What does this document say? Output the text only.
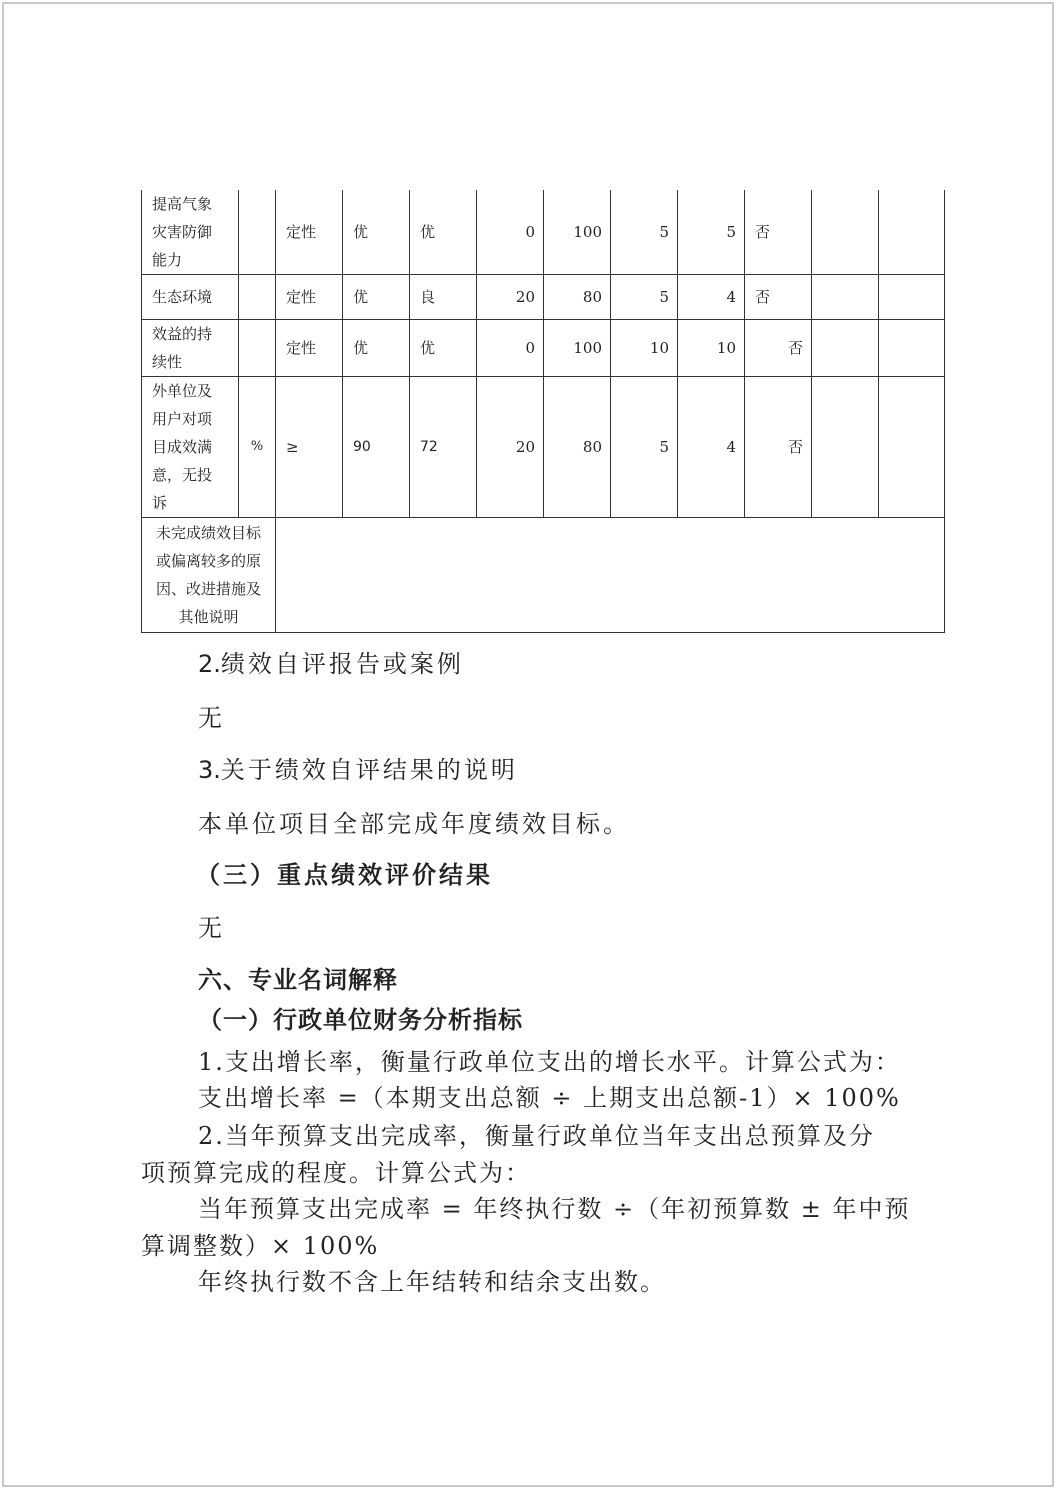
提高气象灾害防御能力		定性	优	优	0	100	5	5	否		
生态环境		定性	优	良	20	80	5	4	否		

效益的持续性		定性	优	优	0	100	10	10	否		

外单位及用户对项目成效满意，无投诉	%	≥	90	72	20	80	5	4	否		

未完成绩效目标或偏离较多的原因、改进措施及其他说明											

2.绩效自评报告或案例

无

3.关于绩效自评结果的说明

本单位项目全部完成年度绩效目标。

（三）重点绩效评价结果

无

六、专业名词解释

（一）行政单位财务分析指标

1.支出增长率，衡量行政单位支出的增长水平。计算公式为：

支出增长率 =（本期支出总额 ÷ 上期支出总额-1）× 100%

2.当年预算支出完成率，衡量行政单位当年支出总预算及分

项预算完成的程度。计算公式为：

当年预算支出完成率 = 年终执行数 ÷（年初预算数 ± 年中预

算调整数）× 100%

年终执行数不含上年结转和结余支出数。
